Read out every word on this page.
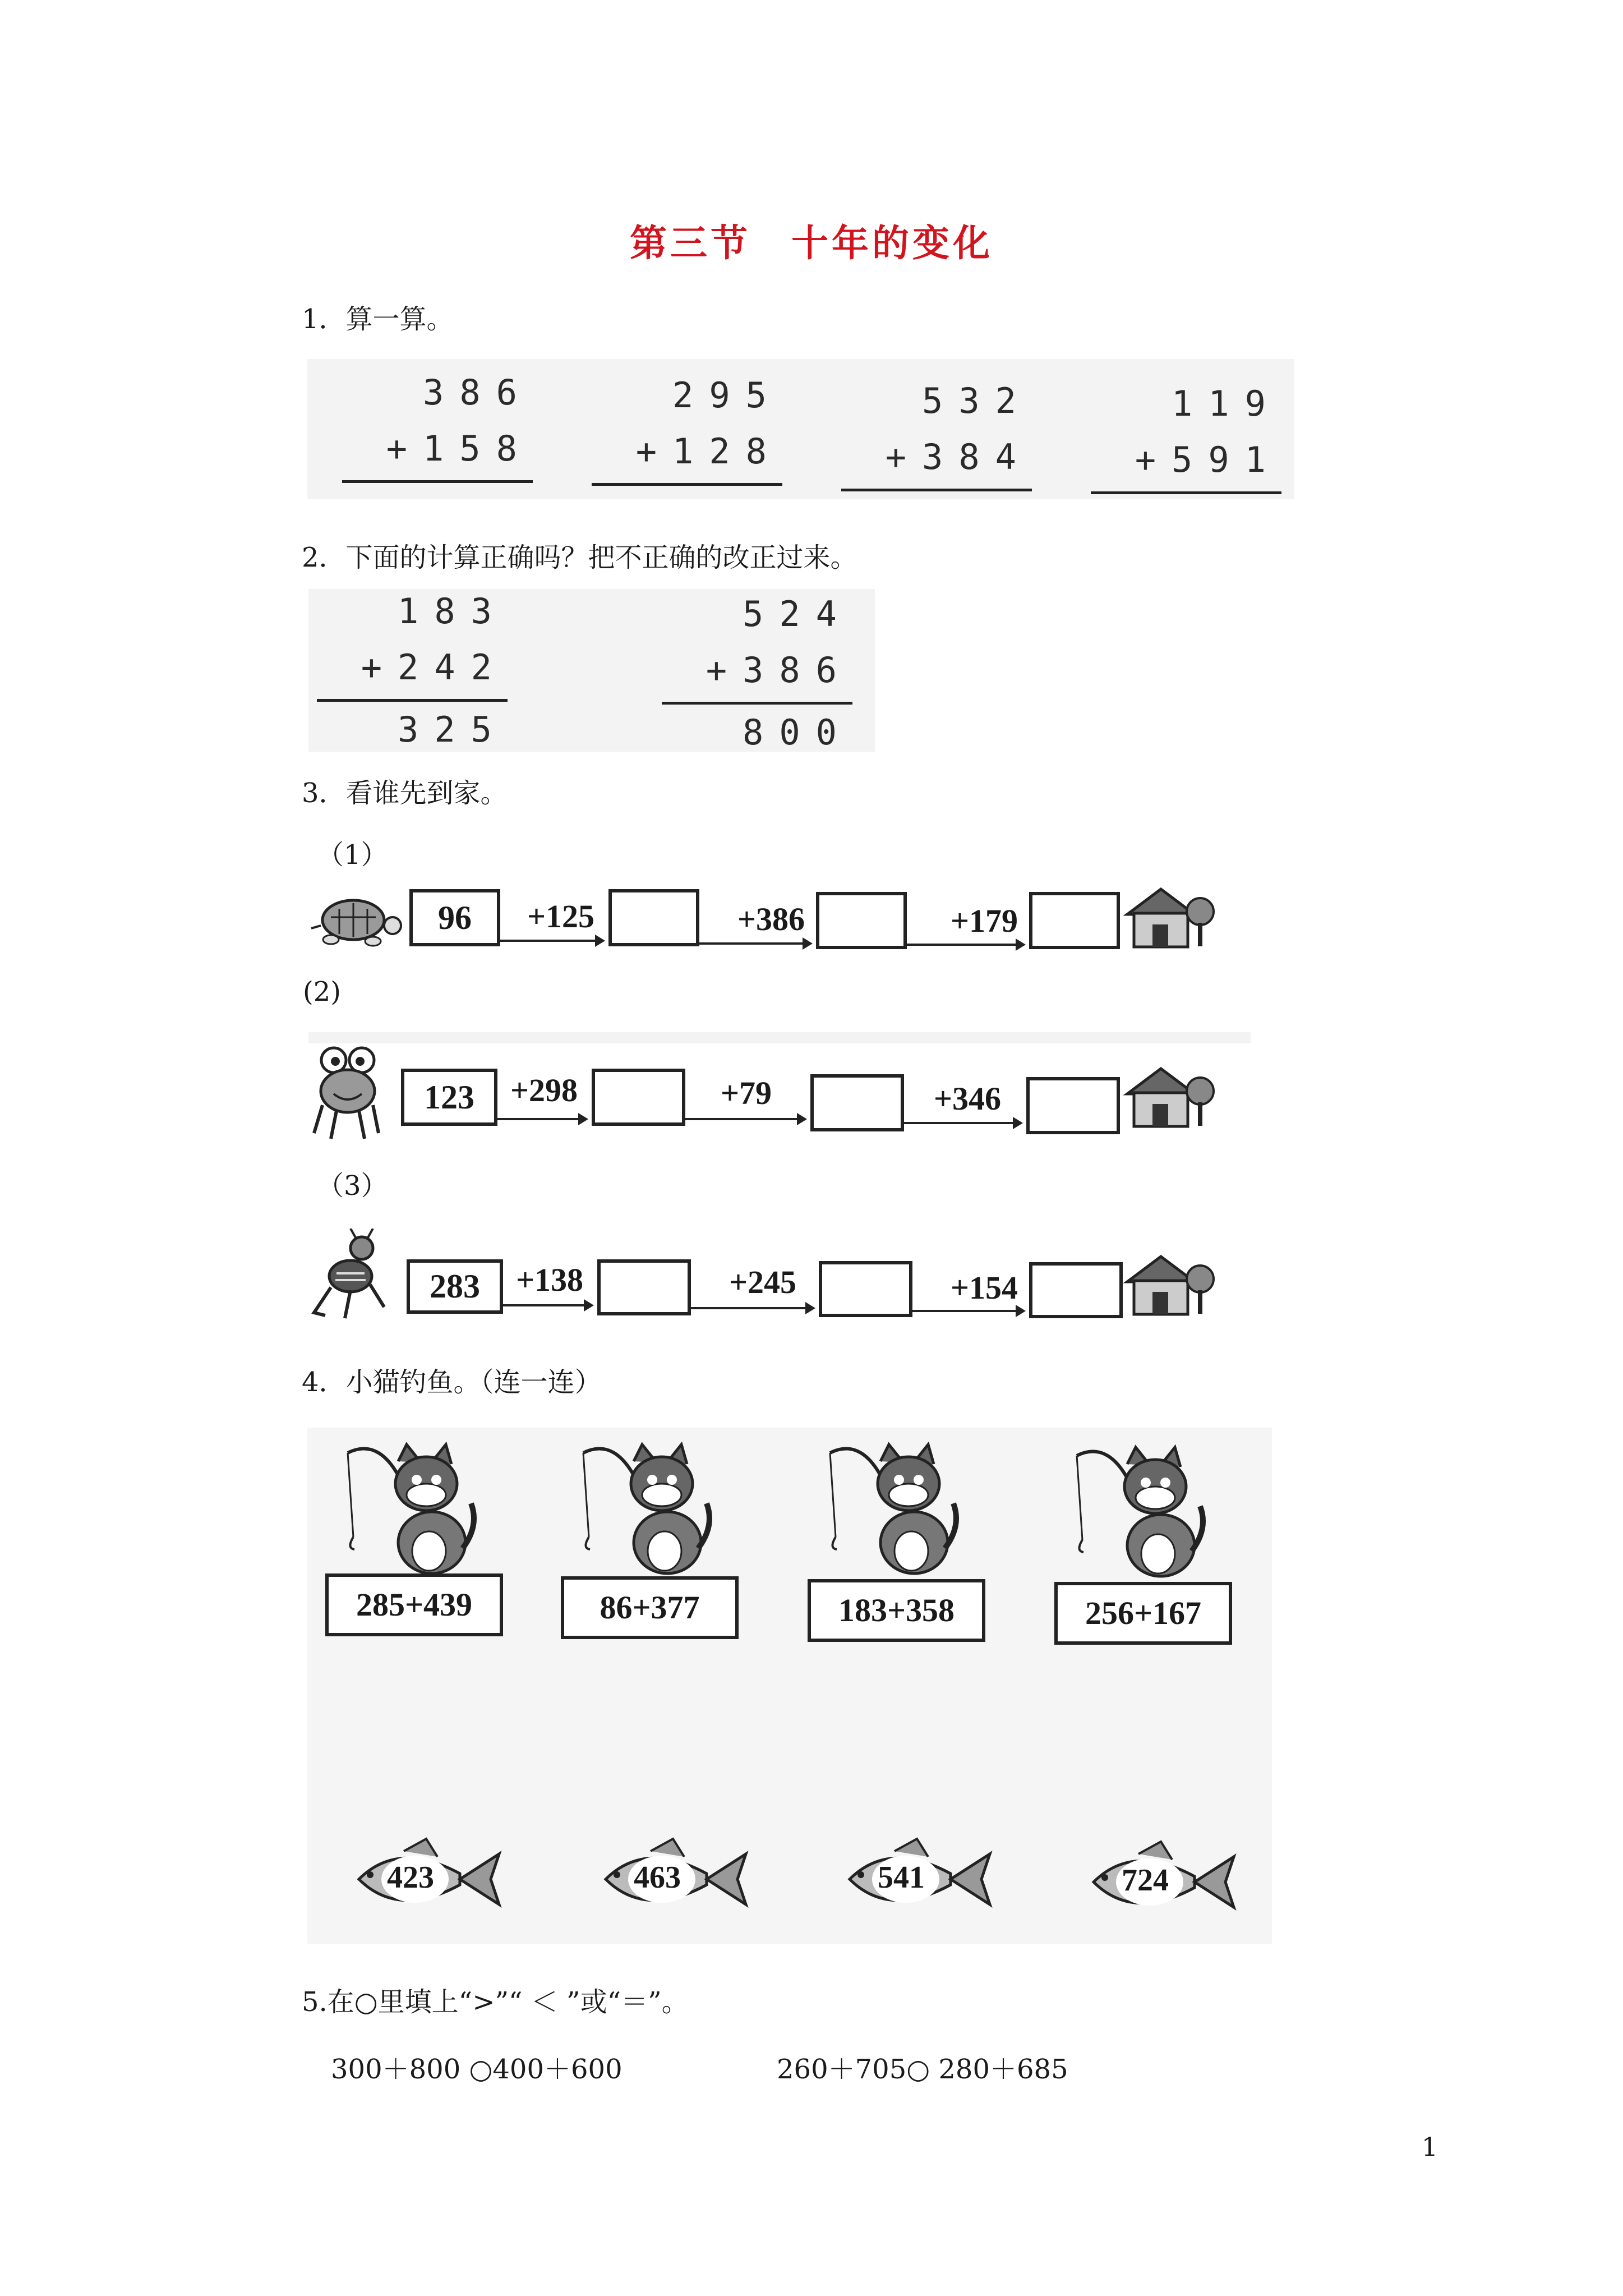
第三节　十年的变化
1．算一算。
386
+158
295
+128
532
+384
119
+591
2．下面的计算正确吗？把不正确的改正过来。
183
+242
325
524
+386
800
3．看谁先到家。
（1）
96	+125	+386	+179
(2)
123	+298	+79	+346
（3）
283	+138	+245	+154
4．小猫钓鱼。（连一连）
285+439	86+377	183+358	256+167
423	463	541	724
5.在○里填上“>”“ ＜ ”或“＝”。
300＋800 ○400＋600	260＋705○ 280＋685
1
